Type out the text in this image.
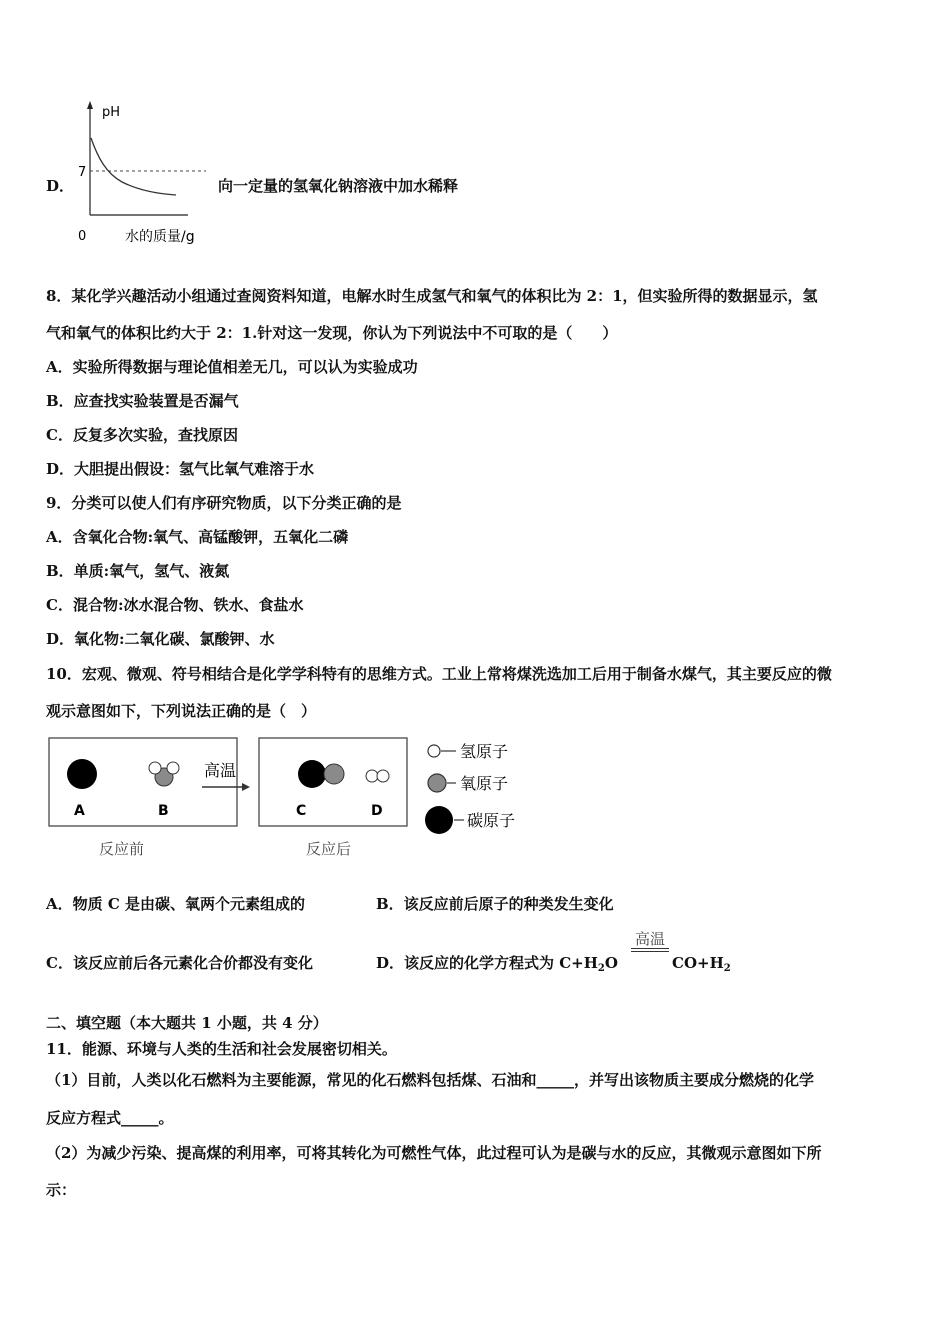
D．
pH
7
0	水的质量/g
向一定量的氢氧化钠溶液中加水稀释
8．某化学兴趣活动小组通过查阅资料知道，电解水时生成氢气和氧气的体积比为 2：1，但实验所得的数据显示，氢
气和氧气的体积比约大于 2：1.针对这一发现，你认为下列说法中不可取的是（　　）
A．实验所得数据与理论值相差无几，可以认为实验成功
B．应查找实验装置是否漏气
C．反复多次实验，查找原因
D．大胆提出假设：氢气比氧气难溶于水
9．分类可以使人们有序研究物质，以下分类正确的是
A．含氧化合物:氧气、高锰酸钾，五氧化二磷
B．单质:氧气，氢气、液氮
C．混合物:冰水混合物、铁水、食盐水
D．氧化物:二氧化碳、氯酸钾、水
10．宏观、微观、符号相结合是化学学科特有的思维方式。工业上常将煤洗选加工后用于制备水煤气，其主要反应的微
观示意图如下，下列说法正确的是（　）
A	B
反应前
高温
C	D
反应后
氢原子
氧原子
碳原子
A．物质 C 是由碳、氧两个元素组成的	B．该反应前后原子的种类发生变化
C．该反应前后各元素化合价都没有变化	D．该反应的化学方程式为 $C+H_2O$
高温
$CO+H_2$
二、填空题（本大题共 1 小题，共 4 分）
11．能源、环境与人类的生活和社会发展密切相关。
（1）目前，人类以化石燃料为主要能源，常见的化石燃料包括煤、石油和_____，并写出该物质主要成分燃烧的化学
反应方程式_____。
（2）为减少污染、提高煤的利用率，可将其转化为可燃性气体，此过程可认为是碳与水的反应，其微观示意图如下所
示：
